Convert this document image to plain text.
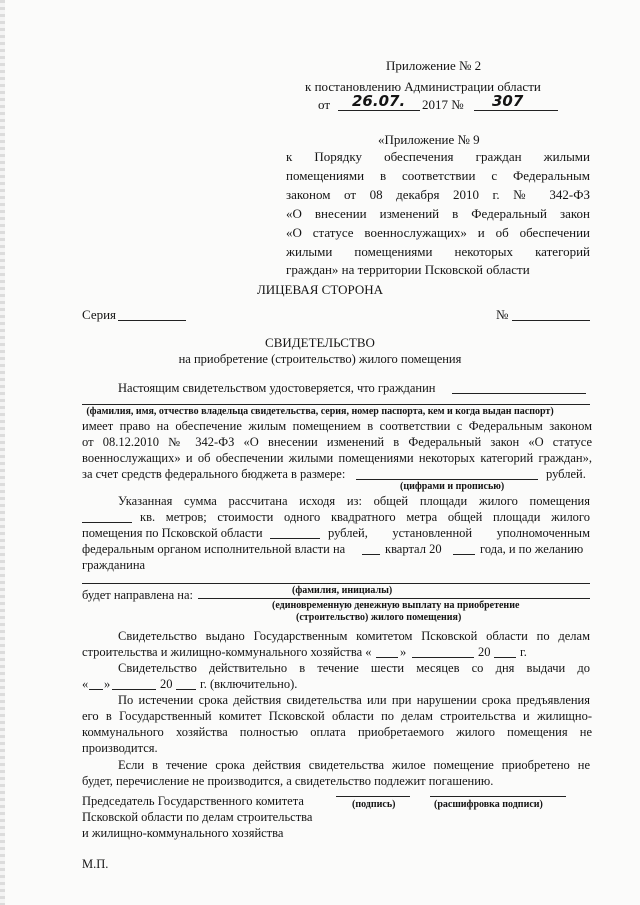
Приложение № 2
к постановлению Администрации области
от 26.07. 2017 № 307
«Приложение № 9
к Порядку обеспечения граждан жилыми
помещениями в соответствии с Федеральным
законом от 08 декабря 2010 г. № 342-ФЗ
«О внесении изменений в Федеральный закон
«О статусе военнослужащих» и об обеспечении
жилыми помещениями некоторых категорий
граждан» на территории Псковской области
ЛИЦЕВАЯ СТОРОНА
Серия	№
СВИДЕТЕЛЬСТВО
на приобретение (строительство) жилого помещения
Настоящим свидетельством удостоверяется, что гражданин
(фамилия, имя, отчество владельца свидетельства, серия, номер паспорта, кем и когда выдан паспорт)
имеет право на обеспечение жилым помещением в соответствии с Федеральным законом
от 08.12.2010 № 342-ФЗ «О внесении изменений в Федеральный закон «О статусе
военнослужащих» и об обеспечении жилыми помещениями некоторых категорий граждан»,
за счет средств федерального бюджета в размере:	рублей.
(цифрами и прописью)
Указанная сумма рассчитана исходя из: общей площади жилого помещения
кв. метров; стоимости одного квадратного метра общей площади жилого
помещения по Псковской области	рублей, установленной уполномоченным
федеральным органом исполнительной власти на	квартал 20	года, и по желанию
гражданина
(фамилия, инициалы)
будет направлена на:
(единовременную денежную выплату на приобретение
(строительство) жилого помещения)
Свидетельство выдано Государственным комитетом Псковской области по делам
строительства и жилищно-коммунального хозяйства « »	20 г.
Свидетельство действительно в течение шести месяцев со дня выдачи до
« »	20 г. (включительно).
По истечении срока действия свидетельства или при нарушении срока предъявления
его в Государственный комитет Псковской области по делам строительства и жилищно-
коммунального хозяйства полностью оплата приобретаемого жилого помещения не
производится.
Если в течение срока действия свидетельства жилое помещение приобретено не
будет, перечисление не производится, а свидетельство подлежит погашению.
Председатель Государственного комитета
Псковской области по делам строительства
и жилищно-коммунального хозяйства
(подпись)	(расшифровка подписи)
М.П.
